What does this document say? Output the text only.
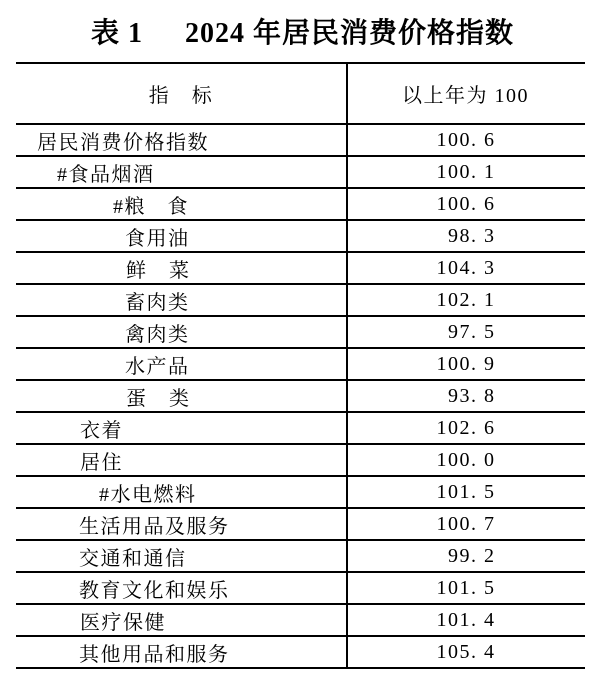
表 1 2024 年居民消费价格指数
指　标	以上年为 100
居民消费价格指数	100. 6
#食品烟酒	100. 1
#粮　食	100. 6
食用油	98. 3
鲜　菜	104. 3
畜肉类	102. 1
禽肉类	97. 5
水产品	100. 9
蛋　类	93. 8
衣着	102. 6
居住	100. 0
#水电燃料	101. 5
生活用品及服务	100. 7
交通和通信	99. 2
教育文化和娱乐	101. 5
医疗保健	101. 4
其他用品和服务	105. 4
